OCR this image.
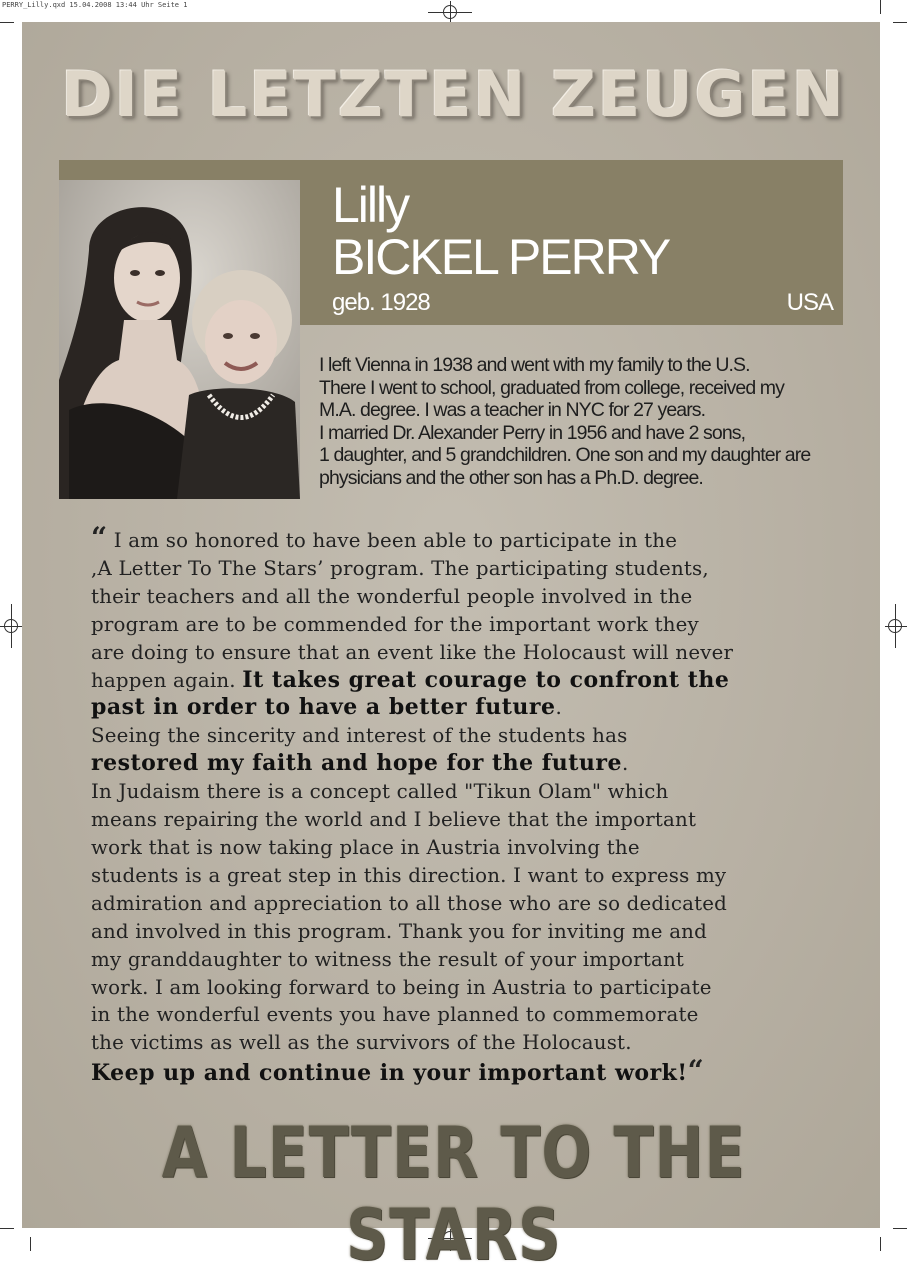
PERRY_Lilly.qxd 15.04.2008 13:44 Uhr Seite 1
DIE LETZTEN ZEUGEN
Lilly
BICKEL PERRY
geb. 1928	USA
I left Vienna in 1938 and went with my family to the U.S.
There I went to school, graduated from college, received my
M.A. degree. I was a teacher in NYC for 27 years.
I married Dr. Alexander Perry in 1956 and have 2 sons,
1 daughter, and 5 grandchildren. One son and my daughter are
physicians and the other son has a Ph.D. degree.
“ I am so honored to have been able to participate in the
,A Letter To The Stars’ program. The participating students,
their teachers and all the wonderful people involved in the
program are to be commended for the important work they
are doing to ensure that an event like the Holocaust will never
happen again. It takes great courage to confront the
past in order to have a better future.
Seeing the sincerity and interest of the students has
restored my faith and hope for the future.
In Judaism there is a concept called "Tikun Olam" which
means repairing the world and I believe that the important
work that is now taking place in Austria involving the
students is a great step in this direction. I want to express my
admiration and appreciation to all those who are so dedicated
and involved in this program. Thank you for inviting me and
my granddaughter to witness the result of your important
work. I am looking forward to being in Austria to participate
in the wonderful events you have planned to commemorate
the victims as well as the survivors of the Holocaust.
Keep up and continue in your important work!“
A LETTER TO THE STARS
